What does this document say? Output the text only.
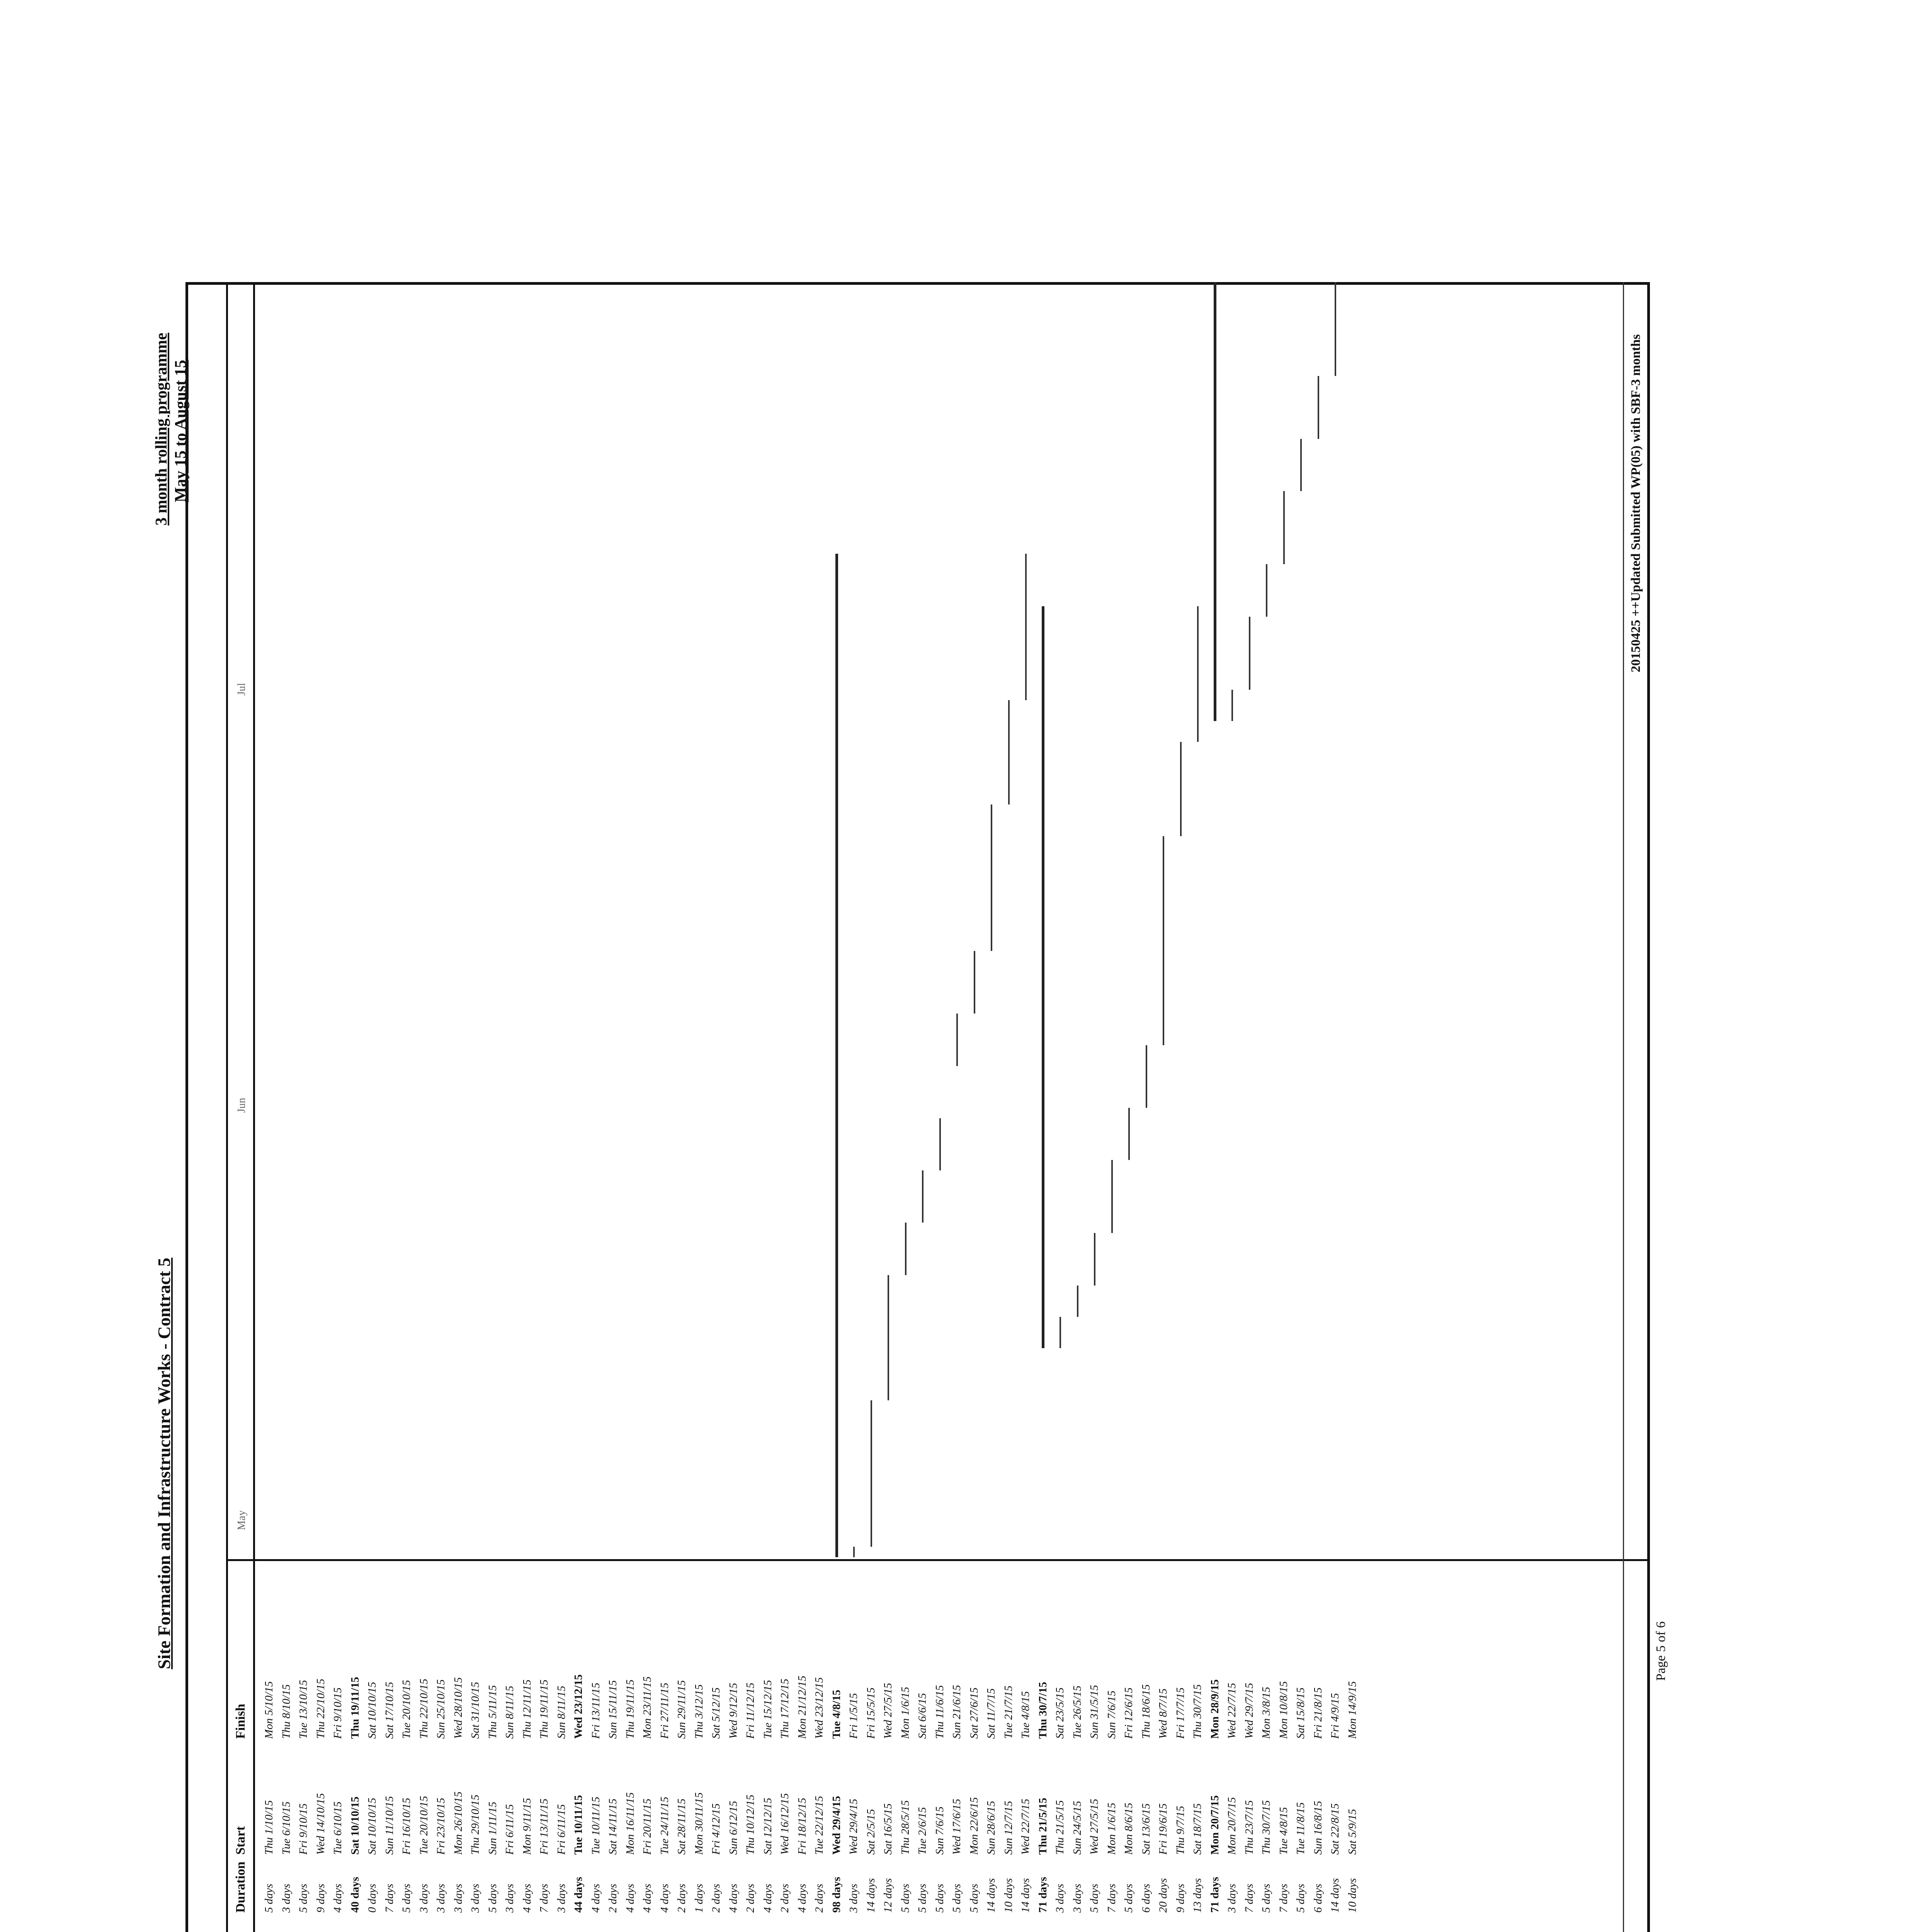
Site Formation and Infrastructure Works - Contract 5
3 month rolling programme May 15 to August 15
Duration
Start
Finish
May
Jun
Jul
5 days
Thu 1/10/15
Mon 5/10/15
3 days
Tue 6/10/15
Thu 8/10/15
5 days
Fri 9/10/15
Tue 13/10/15
9 days
Wed 14/10/15
Thu 22/10/15
4 days
Tue 6/10/15
Fri 9/10/15
40 days
Sat 10/10/15
Thu 19/11/15
0 days
Sat 10/10/15
Sat 10/10/15
7 days
Sun 11/10/15
Sat 17/10/15
5 days
Fri 16/10/15
Tue 20/10/15
3 days
Tue 20/10/15
Thu 22/10/15
3 days
Fri 23/10/15
Sun 25/10/15
3 days
Mon 26/10/15
Wed 28/10/15
3 days
Thu 29/10/15
Sat 31/10/15
5 days
Sun 1/11/15
Thu 5/11/15
3 days
Fri 6/11/15
Sun 8/11/15
4 days
Mon 9/11/15
Thu 12/11/15
7 days
Fri 13/11/15
Thu 19/11/15
3 days
Fri 6/11/15
Sun 8/11/15
44 days
Tue 10/11/15
Wed 23/12/15
4 days
Tue 10/11/15
Fri 13/11/15
2 days
Sat 14/11/15
Sun 15/11/15
4 days
Mon 16/11/15
Thu 19/11/15
4 days
Fri 20/11/15
Mon 23/11/15
4 days
Tue 24/11/15
Fri 27/11/15
2 days
Sat 28/11/15
Sun 29/11/15
1 days
Mon 30/11/15
Thu 3/12/15
2 days
Fri 4/12/15
Sat 5/12/15
4 days
Sun 6/12/15
Wed 9/12/15
2 days
Thu 10/12/15
Fri 11/12/15
4 days
Sat 12/12/15
Tue 15/12/15
2 days
Wed 16/12/15
Thu 17/12/15
4 days
Fri 18/12/15
Mon 21/12/15
2 days
Tue 22/12/15
Wed 23/12/15
98 days
Wed 29/4/15
Tue 4/8/15
3 days
Wed 29/4/15
Fri 1/5/15
14 days
Sat 2/5/15
Fri 15/5/15
12 days
Sat 16/5/15
Wed 27/5/15
5 days
Thu 28/5/15
Mon 1/6/15
5 days
Tue 2/6/15
Sat 6/6/15
5 days
Sun 7/6/15
Thu 11/6/15
5 days
Wed 17/6/15
Sun 21/6/15
5 days
Mon 22/6/15
Sat 27/6/15
14 days
Sun 28/6/15
Sat 11/7/15
10 days
Sun 12/7/15
Tue 21/7/15
14 days
Wed 22/7/15
Tue 4/8/15
71 days
Thu 21/5/15
Thu 30/7/15
3 days
Thu 21/5/15
Sat 23/5/15
3 days
Sun 24/5/15
Tue 26/5/15
5 days
Wed 27/5/15
Sun 31/5/15
7 days
Mon 1/6/15
Sun 7/6/15
5 days
Mon 8/6/15
Fri 12/6/15
6 days
Sat 13/6/15
Thu 18/6/15
20 days
Fri 19/6/15
Wed 8/7/15
9 days
Thu 9/7/15
Fri 17/7/15
13 days
Sat 18/7/15
Thu 30/7/15
71 days
Mon 20/7/15
Mon 28/9/15
3 days
Mon 20/7/15
Wed 22/7/15
7 days
Thu 23/7/15
Wed 29/7/15
5 days
Thu 30/7/15
Mon 3/8/15
7 days
Tue 4/8/15
Mon 10/8/15
5 days
Tue 11/8/15
Sat 15/8/15
6 days
Sun 16/8/15
Fri 21/8/15
14 days
Sat 22/8/15
Fri 4/9/15
10 days
Sat 5/9/15
Mon 14/9/15
Page 5 of 6
20150425 ++Updated Submitted WP(05) with SBF-3 months
